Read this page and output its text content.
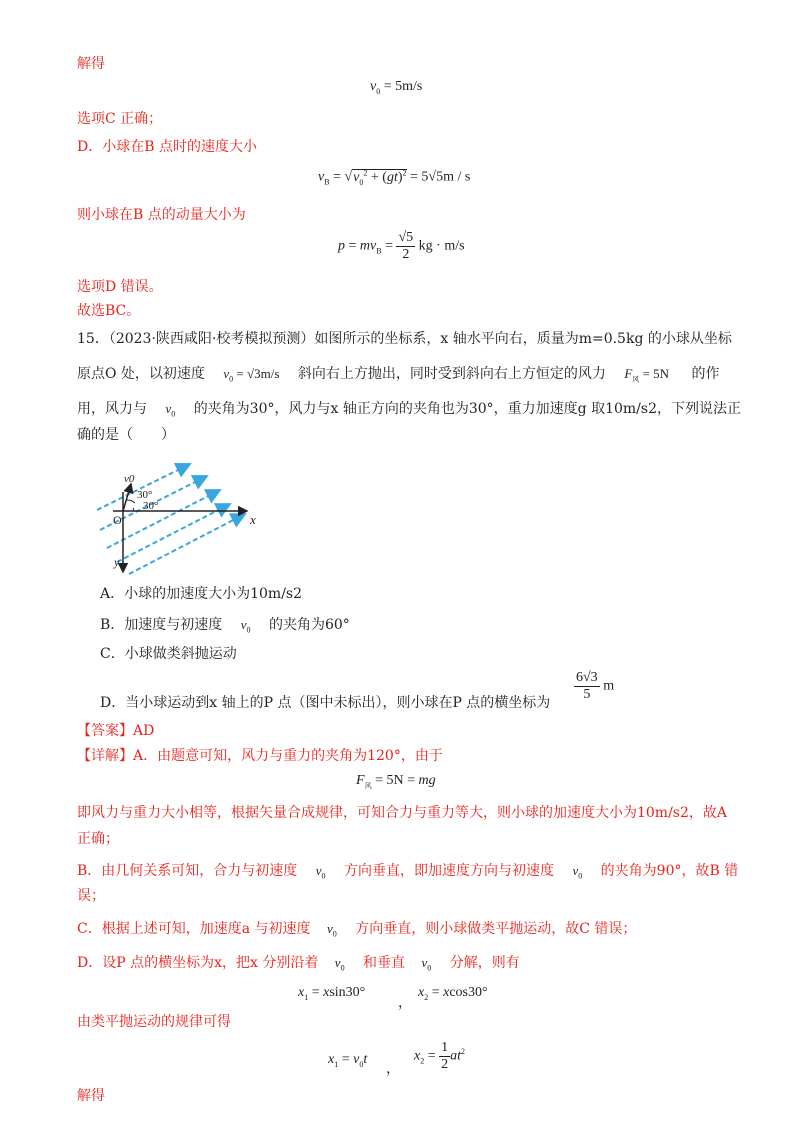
解得
$v_0 = 5m/s$
选项C 正确；
D．小球在B 点时的速度大小
$v_B = √v_0^2 + (gt)^2 = 5√5m / s$
则小球在B 点的动量大小为
$p = mv_B = \frac{√5}{2}$ kg · m/s
选项D 错误。
故选BC。
15．（2023·陕西咸阳·校考模拟预测）如图所示的坐标系，x 轴水平向右，质量为m=0.5kg 的小球从坐标
原点O 处，以初速度 $v_0 = √3m/s$ 斜向右上方抛出，同时受到斜向右上方恒定的风力 $F_风 = 5N$ 的作
用，风力与 $v_0$ 的夹角为30°，风力与x 轴正方向的夹角也为30°，重力加速度g 取10m/s2，下列说法正
确的是（　　）
v0
30°
30°
O	x
y
A．小球的加速度大小为10m/s2
B．加速度与初速度 $v_0$ 的夹角为60°
C．小球做类斜抛运动
D．当小球运动到x 轴上的P 点（图中未标出），则小球在P 点的横坐标为 $\frac{6√3}{5}$ m
【答案】AD
【详解】A．由题意可知，风力与重力的夹角为120°，由于
$F_风 = 5N$ = mg
即风力与重力大小相等，根据矢量合成规律，可知合力与重力等大，则小球的加速度大小为10m/s2，故A
正确；
B．由几何关系可知，合力与初速度 $v_0$ 方向垂直，即加速度方向与初速度 $v_0$ 的夹角为90°，故B 错
误；
C．根据上述可知，加速度a 与初速度 $v_0$ 方向垂直，则小球做类平抛运动，故C 错误；
D．设P 点的横坐标为x，把x 分别沿着 $v_0$ 和垂直 $v_0$ 分解，则有
$x_1 = xsin30^\circ$
，
$x_2 = xcos30^\circ$
由类平抛运动的规律可得
$x_1 = v_0t$
，
$x_2 = \frac{1}{2} at^2$
解得
